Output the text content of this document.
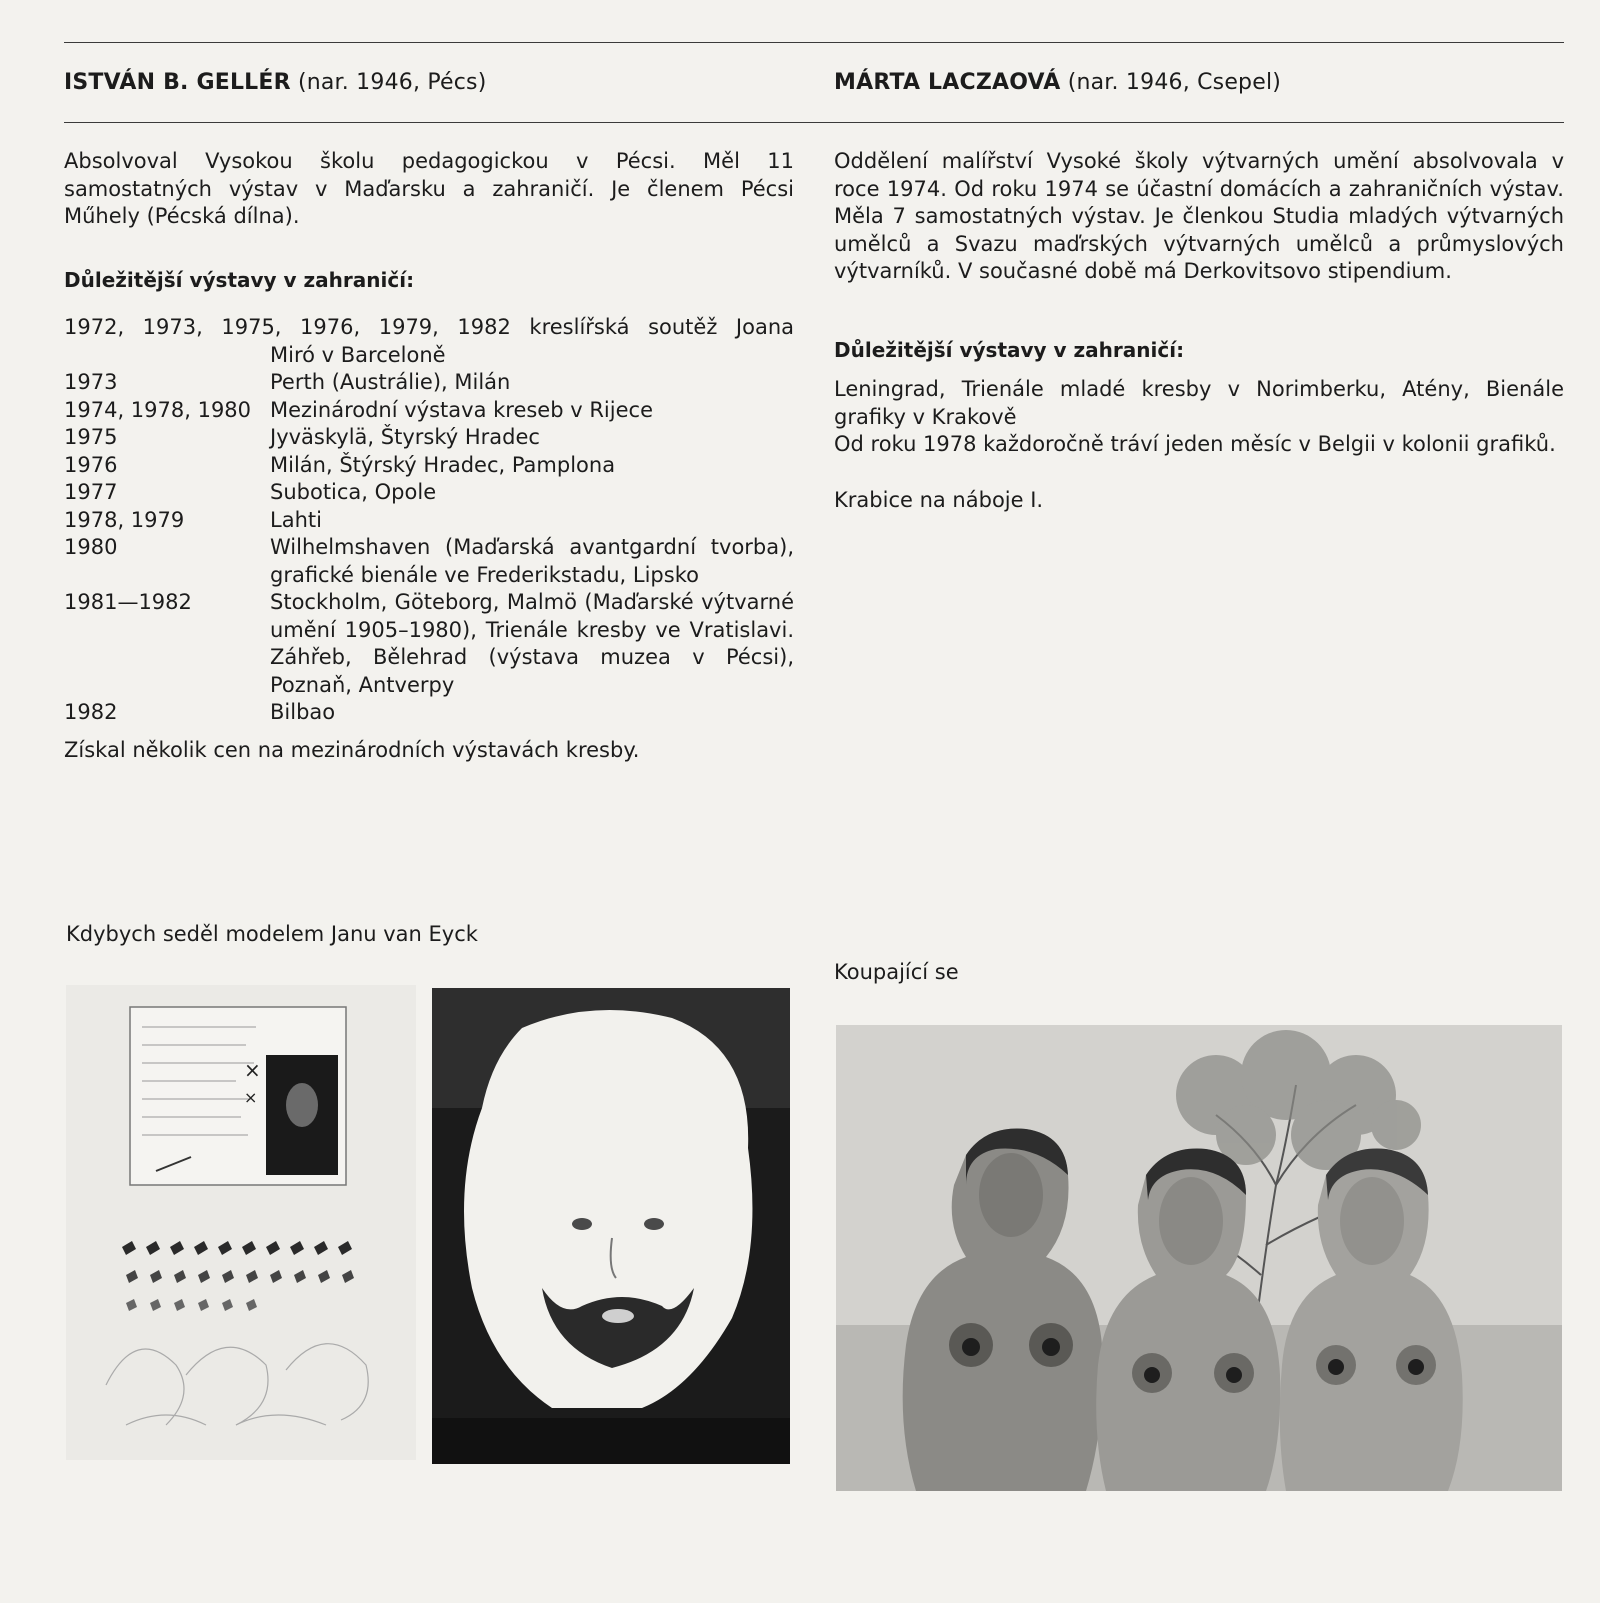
ISTVÁN B. GELLÉR (nar. 1946, Pécs)

Absolvoval Vysokou školu pedagogickou v Pécsi. Měl 11 samostatných výstav v Maďarsku a zahraničí. Je členem Pécsi Műhely (Pécská dílna).

Důležitější výstavy v zahraničí:

1972, 1973, 1975, 1976, 1979, 1982 kreslířská soutěž Joana
Miró v Barceloně
1973	Perth (Austrálie), Milán
1974, 1978, 1980	Mezinárodní výstava kreseb v Rijece
1975	Jyväskylä, Štyrský Hradec
1976	Milán, Štýrský Hradec, Pamplona
1977	Subotica, Opole
1978, 1979	Lahti
1980	Wilhelmshaven (Maďarská avantgardní tvorba), grafické bienále ve Frederikstadu, Lipsko
1981—1982	Stockholm, Göteborg, Malmö (Maďarské výtvarné umění 1905–1980), Trienále kresby ve Vratislavi. Záhřeb, Bělehrad (výstava muzea v Pécsi), Poznaň, Antverpy
1982	Bilbao

Získal několik cen na mezinárodních výstavách kresby.

Kdybych seděl modelem Janu van Eyck
×
×
MÁRTA LACZAOVÁ (nar. 1946, Csepel)

Oddělení malířství Vysoké školy výtvarných umění absolvovala v roce 1974. Od roku 1974 se účastní domácích a zahraničních výstav. Měla 7 samostatných výstav. Je členkou Studia mladých výtvarných umělců a Svazu maďrských výtvarných umělců a průmyslových výtvarníků. V současné době má Derkovitsovo stipendium.

Důležitější výstavy v zahraničí:

Leningrad, Trienále mladé kresby v Norimberku, Atény, Bienále grafiky v Krakově

Od roku 1978 každoročně tráví jeden měsíc v Belgii v kolonii grafiků.

Krabice na náboje I.

Koupající se
